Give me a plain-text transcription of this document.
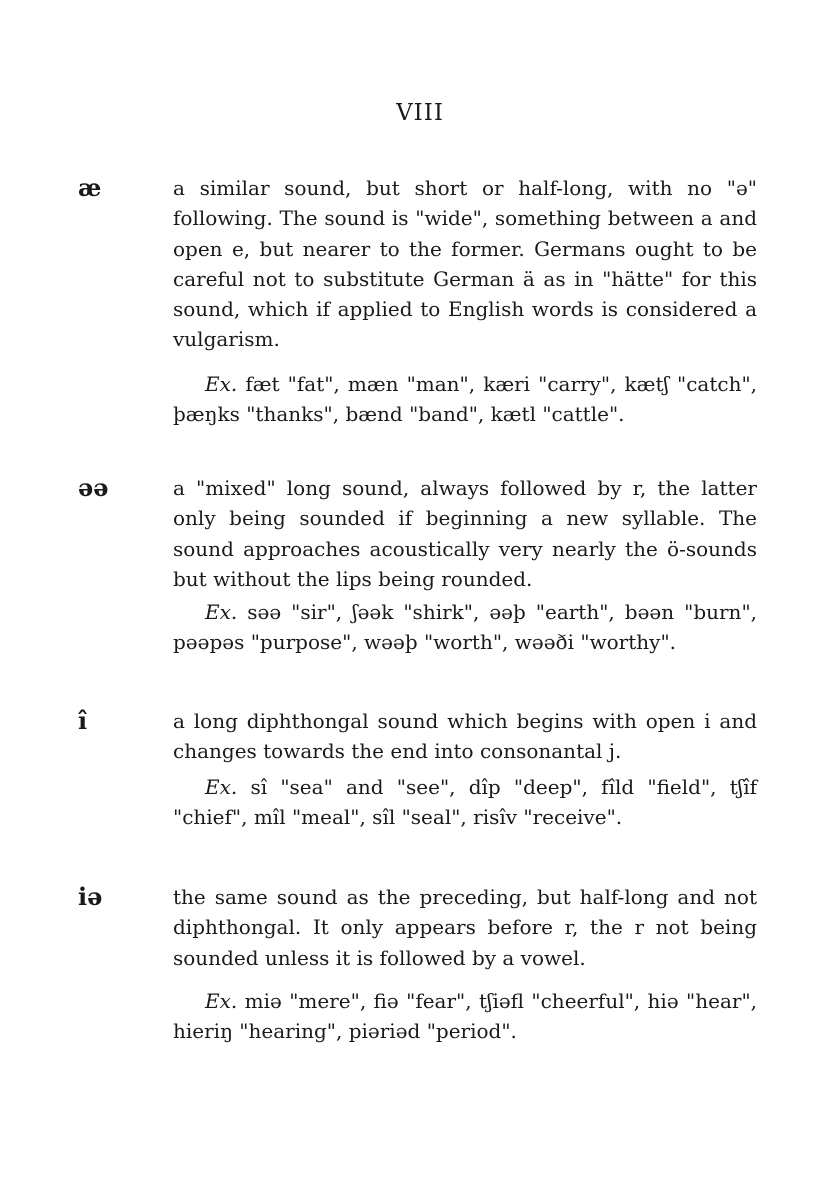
VIII
æ	a similar sound, but short or half-long, with no "ə" following. The sound is "wide", something between a and open e, but nearer to the former. Germans ought to be careful not to substitute German ä as in "hätte" for this sound, which if applied to English words is considered a vulgarism.
Ex. fæt "fat", mæn "man", kæri "carry", kætʃ "catch", þæŋks "thanks", bænd "band", kætl "cattle".
əə	a "mixed" long sound, always followed by r, the latter only being sounded if beginning a new syllable. The sound approaches acoustically very nearly the ö-sounds but without the lips being rounded.
Ex. səə "sir", ʃəək "shirk", əəþ "earth", bəən "burn", pəəpəs "purpose", wəəþ "worth", wəəði "worthy".
î	a long diphthongal sound which begins with open i and changes towards the end into consonantal j.
Ex. sî "sea" and "see", dîp "deep", fîld "field", tʃîf "chief", mîl "meal", sîl "seal", risîv "receive".
iə	the same sound as the preceding, but half-long and not diphthongal. It only appears before r, the r not being sounded unless it is followed by a vowel.
Ex. miə "mere", fiə "fear", tʃiəfl "cheerful", hiə "hear", hieriŋ "hearing", piəriəd "period".
